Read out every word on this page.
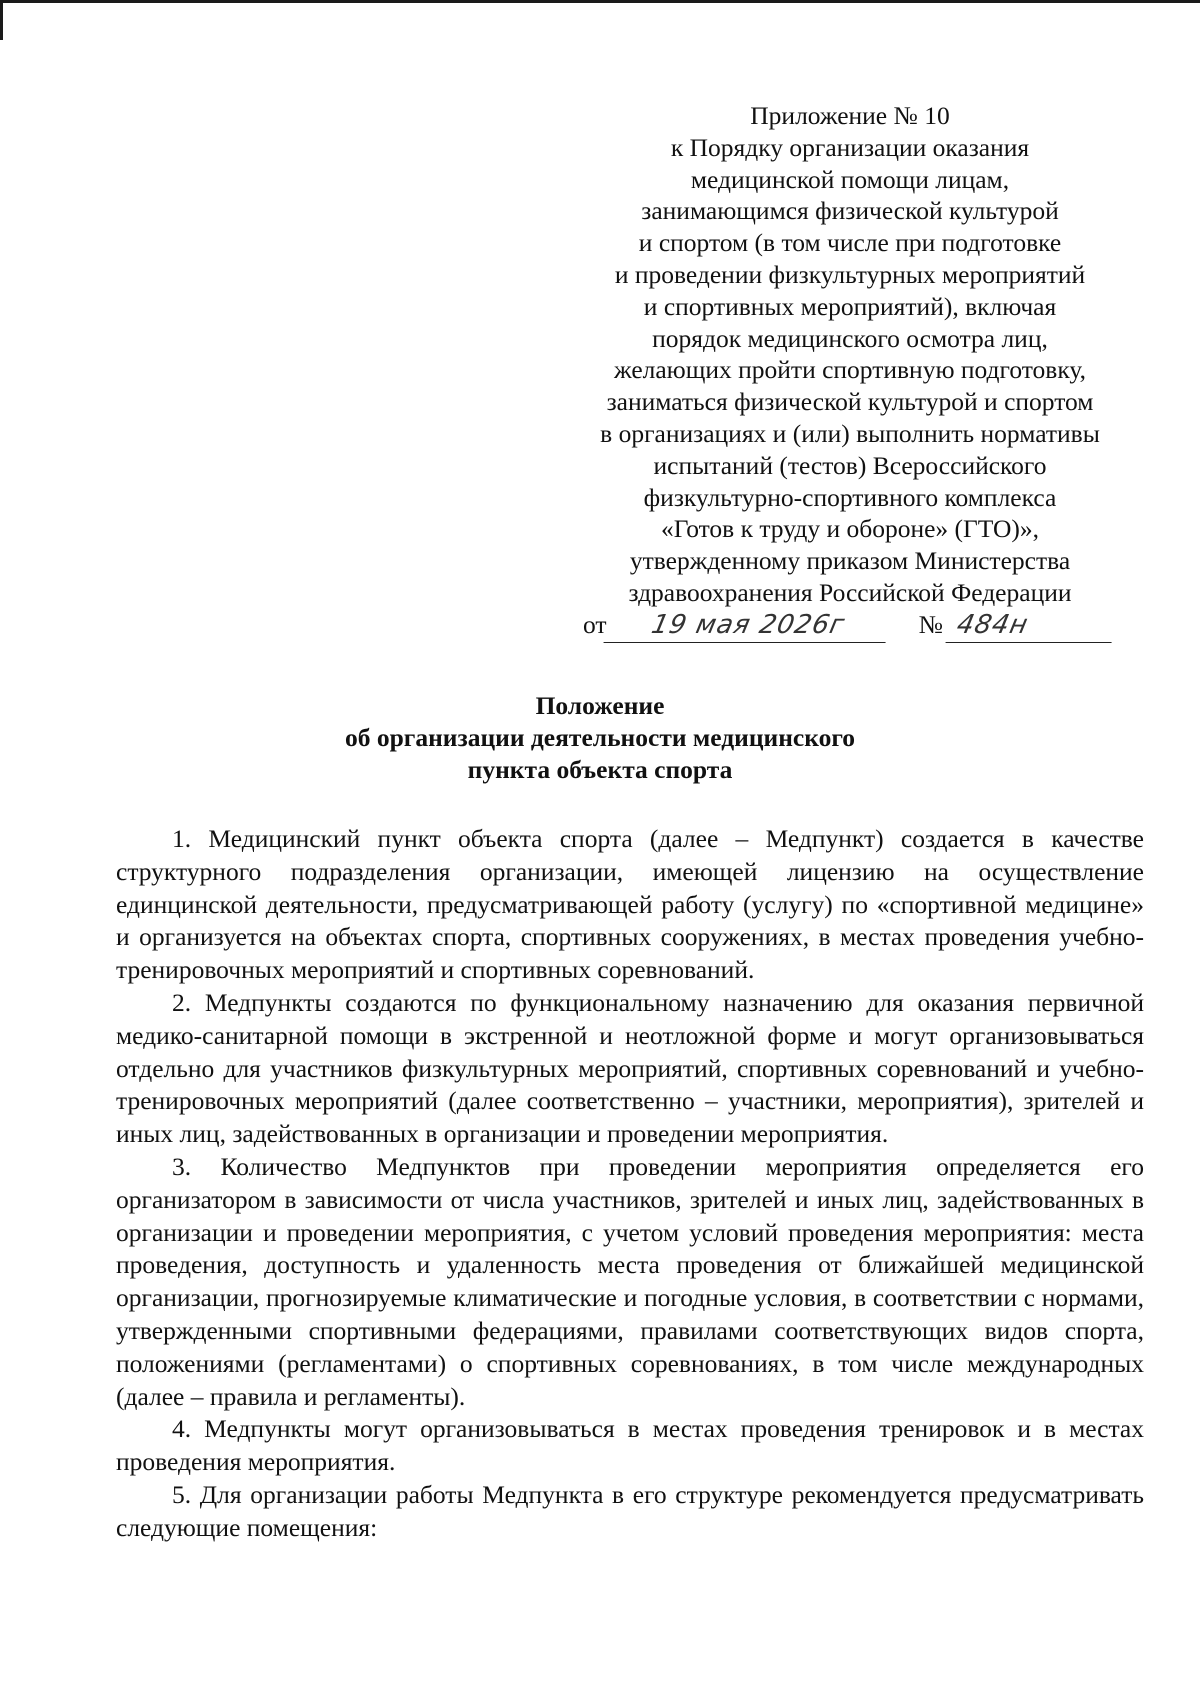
Приложение № 10
к Порядку организации оказания
медицинской помощи лицам,
занимающимся физической культурой
и спортом (в том числе при подготовке
и проведении физкультурных мероприятий
и спортивных мероприятий), включая
порядок медицинского осмотра лиц,
желающих пройти спортивную подготовку,
заниматься физической культурой и спортом
в организациях и (или) выполнить нормативы
испытаний (тестов) Всероссийского
физкультурно-спортивного комплекса
«Готов к труду и обороне» (ГТО)»,
утвержденному приказом Министерства
здравоохранения Российской Федерации
от 19 мая 2026г	№ 484н
Положение
об организации деятельности медицинского
пункта объекта спорта

1. Медицинский пункт объекта спорта (далее – Медпункт) создается в качестве структурного подразделения организации, имеющей лицензию на осуществление единцинской деятельности, предусматривающей работу (услугу) по «спортивной медицине» и организуется на объектах спорта, спортивных сооружениях, в местах проведения учебно-тренировочных мероприятий и спортивных соревнований.

2. Медпункты создаются по функциональному назначению для оказания первичной медико-санитарной помощи в экстренной и неотложной форме и могут организовываться отдельно для участников физкультурных мероприятий, спортивных соревнований и учебно-тренировочных мероприятий (далее соответственно – участники, мероприятия), зрителей и иных лиц, задействованных в организации и проведении мероприятия.

3. Количество Медпунктов при проведении мероприятия определяется его организатором в зависимости от числа участников, зрителей и иных лиц, задействованных в организации и проведении мероприятия, с учетом условий проведения мероприятия: места проведения, доступность и удаленность места проведения от ближайшей медицинской организации, прогнозируемые климатические и погодные условия, в соответствии с нормами, утвержденными спортивными федерациями, правилами соответствующих видов спорта, положениями (регламентами) о спортивных соревнованиях, в том числе международных (далее – правила и регламенты).

4. Медпункты могут организовываться в местах проведения тренировок и в местах проведения мероприятия.

5. Для организации работы Медпункта в его структуре рекомендуется предусматривать следующие помещения:
